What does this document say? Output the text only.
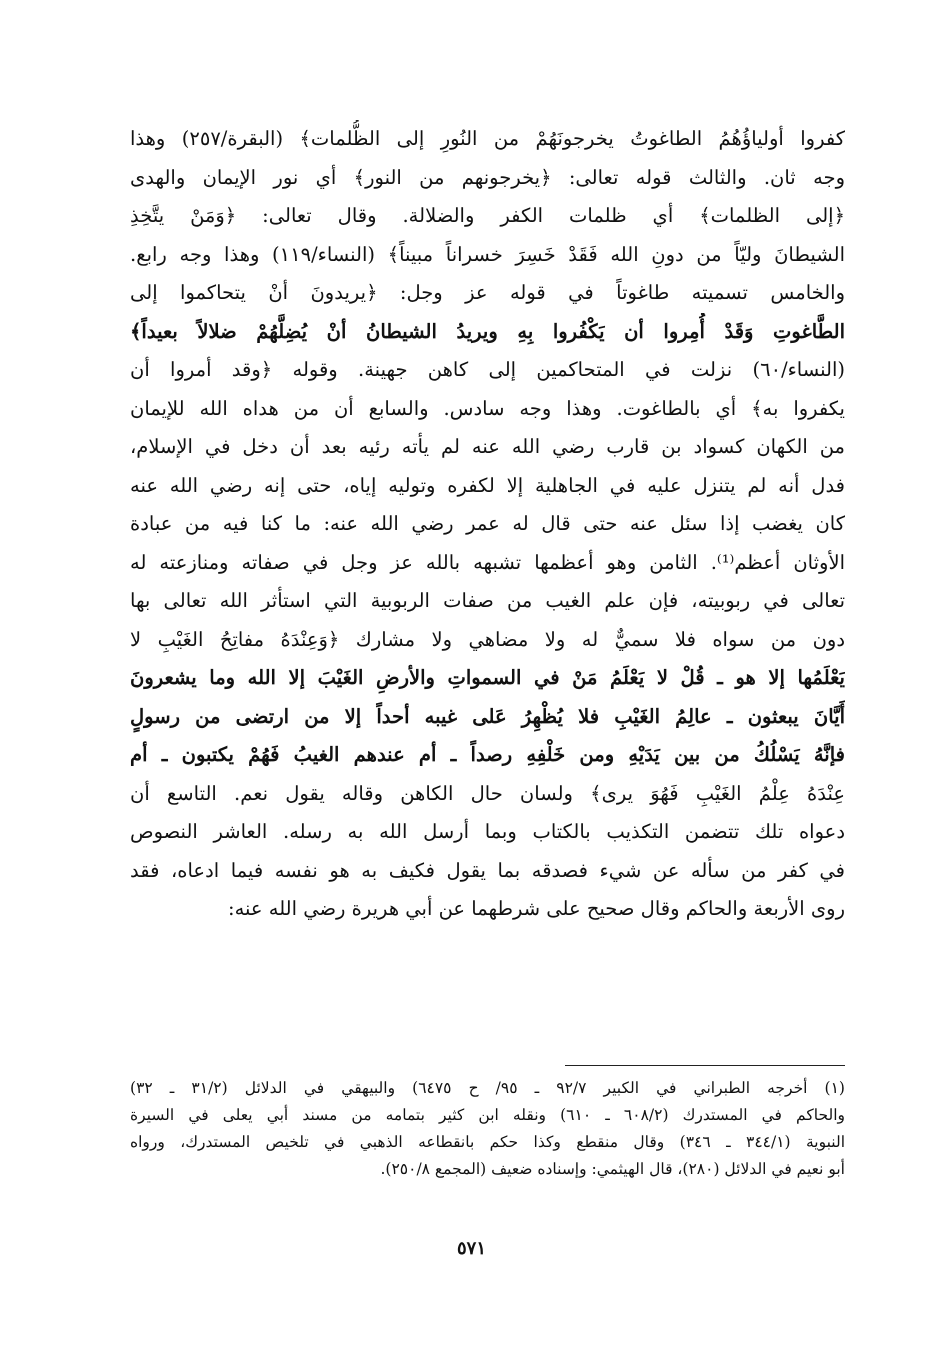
كفروا أولياؤُهُمُ الطاغوتُ يخرجونَهُمْ من النُورِ إلى الظُّلمات﴾ (البقرة/٢٥٧) وهذا
وجه ثان. والثالث قوله تعالى: ﴿يخرجونهم من النور﴾ أي نور الإيمان والهدى
﴿إلى الظلمات﴾ أي ظلمات الكفر والضلالة. وقال تعالى: ﴿وَمَنْ يتَّخِذِ
الشيطانَ وليّاً من دونِ الله فَقَدْ خَسِرَ خسراناً مبيناً﴾ (النساء/١١٩) وهذا وجه رابع.
والخامس تسميته طاغوتاً في قوله عز وجل: ﴿يريدونَ أنْ يتحاكموا إلى
الطَّاغوتِ وَقَدْ أُمِروا أن يَكْفُروا بِهِ ويريدُ الشيطانُ أنْ يُضِلَّهُمْ ضلالاً بعيداً﴾
(النساء/٦٠) نزلت في المتحاكمين إلى كاهن جهينة. وقوله ﴿وقد أمروا أن
يكفروا به﴾ أي بالطاغوت. وهذا وجه سادس. والسابع أن من هداه الله للإيمان
من الكهان كسواد بن قارب رضي الله عنه لم يأته رئيه بعد أن دخل في الإسلام،
فدل أنه لم يتنزل عليه في الجاهلية إلا لكفره وتوليه إياه، حتى إنه رضي الله عنه
كان يغضب إذا سئل عنه حتى قال له عمر رضي الله عنه: ما كنا فيه من عبادة
الأوثان أعظم⁽¹⁾. الثامن وهو أعظمها تشبهه بالله عز وجل في صفاته ومنازعته له
تعالى في ربوبيته، فإن علم الغيب من صفات الربوبية التي استأثر الله تعالى بها
دون من سواه فلا سميٌّ له ولا مضاهي ولا مشارك ﴿وَعِنْدَهُ مفاتِحُ الغَيْبِ لا
يَعْلَمُها إلا هو ـ قُلْ لا يَعْلَمُ مَنْ في السمواتِ والأرضِ الغَيْبَ إلا الله وما يشعرونَ
أَيَّانَ يبعثون ـ عالِمُ الغَيْبِ فلا يُظْهِرُ عَلى غيبه أحداً إلا من ارتضى من رسولٍ
فإنَّهُ يَسْلُكُ من بين يَدَيْهِ ومن خَلْفِهِ رصداً ـ أم عندهم الغيبُ فَهُمْ يكتبون ـ أم
عِنْدَهُ عِلْمُ الغَيْبِ فَهُوَ يرى﴾ ولسان حال الكاهن وقاله يقول نعم. التاسع أن
دعواه تلك تتضمن التكذيب بالكتاب وبما أرسل الله به رسله. العاشر النصوص
في كفر من سأله عن شيء فصدقه بما يقول فكيف به هو نفسه فيما ادعاه، فقد
روى الأربعة والحاكم وقال صحيح على شرطهما عن أبي هريرة رضي الله عنه:
(١) أخرجه الطبراني في الكبير ٩٢/٧ ـ ٩٥/ ح ٦٤٧٥) والبيهقي في الدلائل (٣١/٢ ـ ٣٢)
والحاكم في المستدرك (٦٠٨/٢ ـ ٦١٠) ونقله ابن كثير بتمامه من مسند أبي يعلى في السيرة
النبوية (٣٤٤/١ ـ ٣٤٦) وقال منقطع وكذا حكم بانقطاعه الذهبي في تلخيص المستدرك، ورواه
أبو نعيم في الدلائل (٢٨٠)، قال الهيثمي: وإسناده ضعيف (المجمع ٢٥٠/٨).
٥٧١
